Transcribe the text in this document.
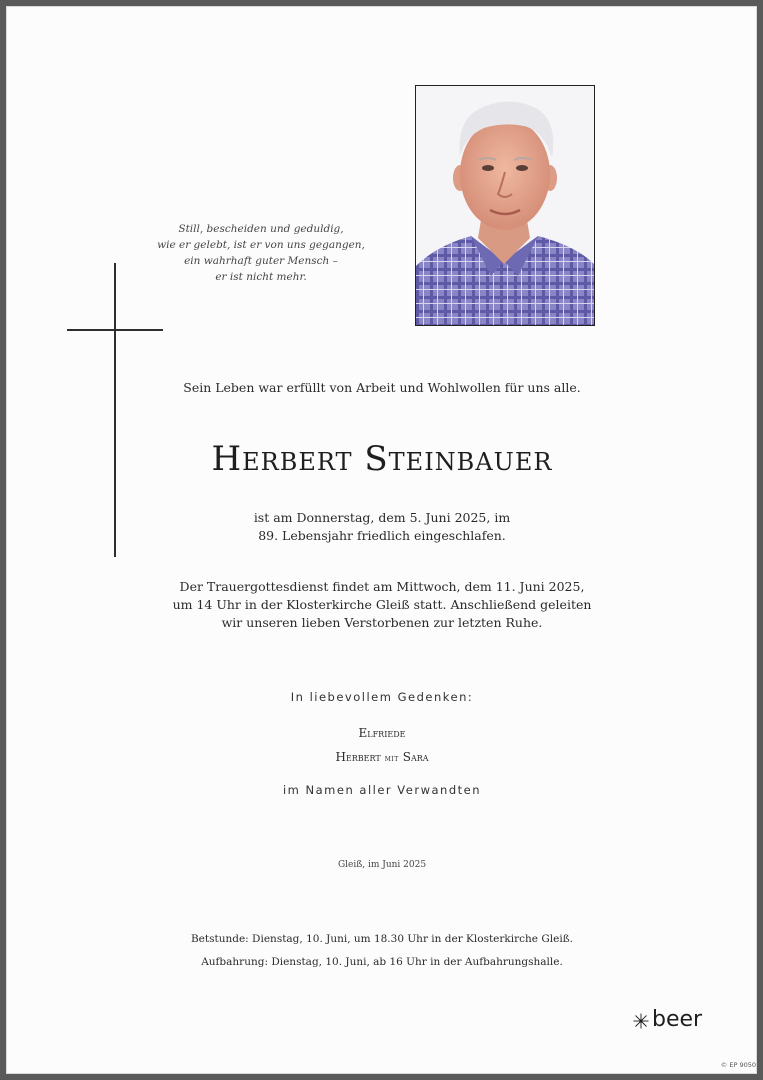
Still, bescheiden und geduldig,
wie er gelebt, ist er von uns gegangen,
ein wahrhaft guter Mensch –
er ist nicht mehr.
Sein Leben war erfüllt von Arbeit und Wohlwollen für uns alle.
Herbert Steinbauer
ist am Donnerstag, dem 5. Juni 2025, im
89. Lebensjahr friedlich eingeschlafen.
Der Trauergottesdienst findet am Mittwoch, dem 11. Juni 2025,
um 14 Uhr in der Klosterkirche Gleiß statt. Anschließend geleiten
wir unseren lieben Verstorbenen zur letzten Ruhe.
In liebevollem Gedenken:
Elfriede
Herbert mit Sara
im Namen aller Verwandten
Gleiß, im Juni 2025
Betstunde: Dienstag, 10. Juni, um 18.30 Uhr in der Klosterkirche Gleiß.
Aufbahrung: Dienstag, 10. Juni, ab 16 Uhr in der Aufbahrungshalle.
beer
© EP 9050
